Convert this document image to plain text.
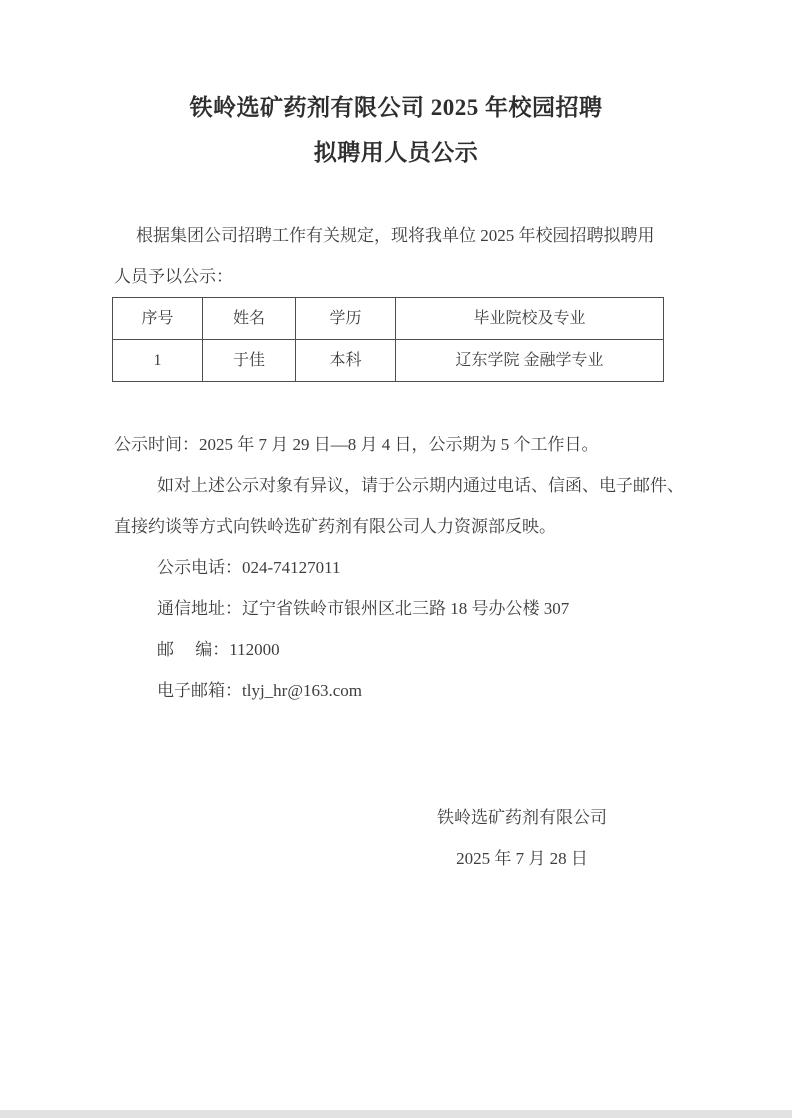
铁岭选矿药剂有限公司 2025 年校园招聘
拟聘用人员公示
根据集团公司招聘工作有关规定，现将我单位 2025 年校园招聘拟聘用
人员予以公示：
序号	姓名	学历	毕业院校及专业
1	于佳	本科	辽东学院 金融学专业
公示时间：2025 年 7 月 29 日—8 月 4 日，公示期为 5 个工作日。
如对上述公示对象有异议，请于公示期内通过电话、信函、电子邮件、
直接约谈等方式向铁岭选矿药剂有限公司人力资源部反映。
公示电话：024-74127011
通信地址：辽宁省铁岭市银州区北三路 18 号办公楼 307
邮　 编：112000
电子邮箱：tlyj_hr@163.com
铁岭选矿药剂有限公司
2025 年 7 月 28 日
